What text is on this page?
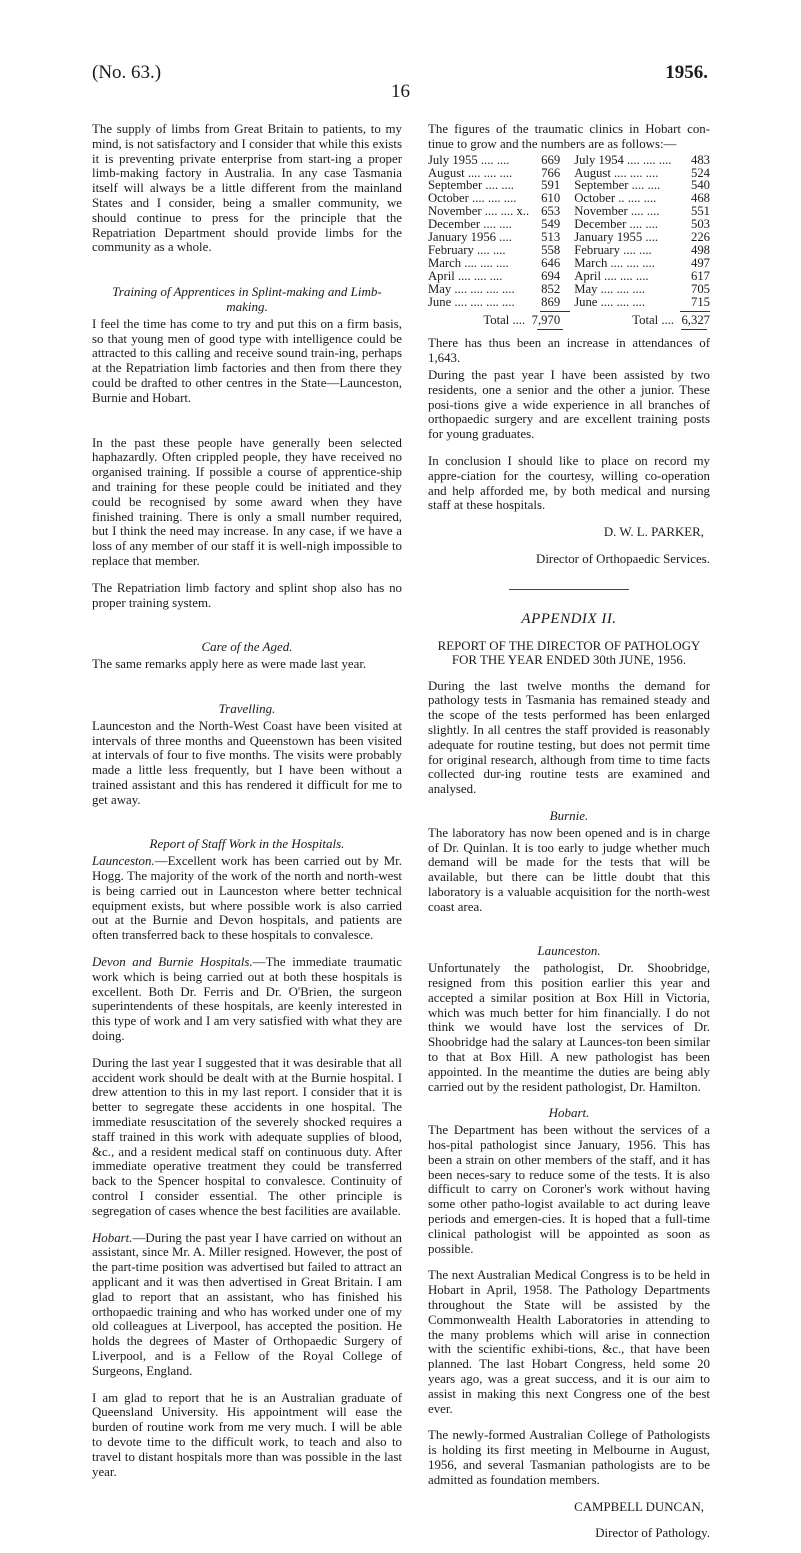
(No. 63.)	1956.
16

The supply of limbs from Great Britain to patients, to my mind, is not satisfactory and I consider that while this exists it is preventing private enterprise from start-ing a proper limb-making factory in Australia. In any case Tasmania itself will always be a little different from the mainland States and I consider, being a smaller community, we should continue to press for the principle that the Repatriation Department should provide limbs for the community as a whole.

Training of Apprentices in Splint-making and Limb-making.

I feel the time has come to try and put this on a firm basis, so that young men of good type with intelligence could be attracted to this calling and receive sound train-ing, perhaps at the Repatriation limb factories and then from there they could be drafted to other centres in the State—Launceston, Burnie and Hobart.

In the past these people have generally been selected haphazardly. Often crippled people, they have received no organised training. If possible a course of apprentice-ship and training for these people could be initiated and they could be recognised by some award when they have finished training. There is only a small number required, but I think the need may increase. In any case, if we have a loss of any member of our staff it is well-nigh impossible to replace that member.

The Repatriation limb factory and splint shop also has no proper training system.

Care of the Aged.

The same remarks apply here as were made last year.

Travelling.

Launceston and the North-West Coast have been visited at intervals of three months and Queenstown has been visited at intervals of four to five months. The visits were probably made a little less frequently, but I have been without a trained assistant and this has rendered it difficult for me to get away.

Report of Staff Work in the Hospitals.

Launceston.—Excellent work has been carried out by Mr. Hogg. The majority of the work of the north and north-west is being carried out in Launceston where better technical equipment exists, but where possible work is also carried out at the Burnie and Devon hospitals, and patients are often transferred back to these hospitals to convalesce.

Devon and Burnie Hospitals.—The immediate traumatic work which is being carried out at both these hospitals is excellent. Both Dr. Ferris and Dr. O'Brien, the surgeon superintendents of these hospitals, are keenly interested in this type of work and I am very satisfied with what they are doing.

During the last year I suggested that it was desirable that all accident work should be dealt with at the Burnie hospital. I drew attention to this in my last report. I consider that it is better to segregate these accidents in one hospital. The immediate resuscitation of the severely shocked requires a staff trained in this work with adequate supplies of blood, &c., and a resident medical staff on continuous duty. After immediate operative treatment they could be transferred back to the Spencer hospital to convalesce. Continuity of control I consider essential. The other principle is segregation of cases whence the best facilities are available.

Hobart.—During the past year I have carried on without an assistant, since Mr. A. Miller resigned. However, the post of the part-time position was advertised but failed to attract an applicant and it was then advertised in Great Britain. I am glad to report that an assistant, who has finished his orthopaedic training and who has worked under one of my old colleagues at Liverpool, has accepted the position. He holds the degrees of Master of Orthopaedic Surgery of Liverpool, and is a Fellow of the Royal College of Surgeons, England.

I am glad to report that he is an Australian graduate of Queensland University. His appointment will ease the burden of routine work from me very much. I will be able to devote time to the difficult work, to teach and also to travel to distant hospitals more than was possible in the last year.

The figures of the traumatic clinics in Hobart con-tinue to grow and the numbers are as follows:—

July 1955 .... ....	669	July 1954 .... .... ....	483
August .... .... ....	766	August .... .... ....	524
September .... ....	591	September .... ....	540
October .... .... ....	610	October .. .... ....	468
November .... .... x..	653	November .... ....	551
December .... ....	549	December .... ....	503
January 1956 ....	513	January 1955 ....	226
February .... ....	558	February .... ....	498
March .... .... ....	646	March .... .... ....	497
April .... .... ....	694	April .... .... ....	617
May .... .... .... ....	852	May .... .... ....	705
June .... .... .... ....	869	June .... .... ....	715

Total ....	7,970	Total ....	6,327

There has thus been an increase in attendances of 1,643.

During the past year I have been assisted by two residents, one a senior and the other a junior. These posi-tions give a wide experience in all branches of orthopaedic surgery and are excellent training posts for young graduates.

In conclusion I should like to place on record my appre-ciation for the courtesy, willing co-operation and help afforded me, by both medical and nursing staff at these hospitals.

D. W. L. PARKER,

Director of Orthopaedic Services.

APPENDIX II.

REPORT OF THE DIRECTOR OF PATHOLOGY FOR THE YEAR ENDED 30th JUNE, 1956.

During the last twelve months the demand for pathology tests in Tasmania has remained steady and the scope of the tests performed has been enlarged slightly. In all centres the staff provided is reasonably adequate for routine testing, but does not permit time for original research, although from time to time facts collected dur-ing routine tests are examined and analysed.

Burnie.

The laboratory has now been opened and is in charge of Dr. Quinlan. It is too early to judge whether much demand will be made for the tests that will be available, but there can be little doubt that this laboratory is a valuable acquisition for the north-west coast area.

Launceston.

Unfortunately the pathologist, Dr. Shoobridge, resigned from this position earlier this year and accepted a similar position at Box Hill in Victoria, which was much better for him financially. I do not think we would have lost the services of Dr. Shoobridge had the salary at Launces-ton been similar to that at Box Hill. A new pathologist has been appointed. In the meantime the duties are being ably carried out by the resident pathologist, Dr. Hamilton.

Hobart.

The Department has been without the services of a hos-pital pathologist since January, 1956. This has been a strain on other members of the staff, and it has been neces-sary to reduce some of the tests. It is also difficult to carry on Coroner's work without having some other patho-logist available to act during leave periods and emergen-cies. It is hoped that a full-time clinical pathologist will be appointed as soon as possible.

The next Australian Medical Congress is to be held in Hobart in April, 1958. The Pathology Departments throughout the State will be assisted by the Commonwealth Health Laboratories in attending to the many problems which will arise in connection with the scientific exhibi-tions, &c., that have been planned. The last Hobart Congress, held some 20 years ago, was a great success, and it is our aim to assist in making this next Congress one of the best ever.

The newly-formed Australian College of Pathologists is holding its first meeting in Melbourne in August, 1956, and several Tasmanian pathologists are to be admitted as foundation members.

CAMPBELL DUNCAN,

Director of Pathology.
